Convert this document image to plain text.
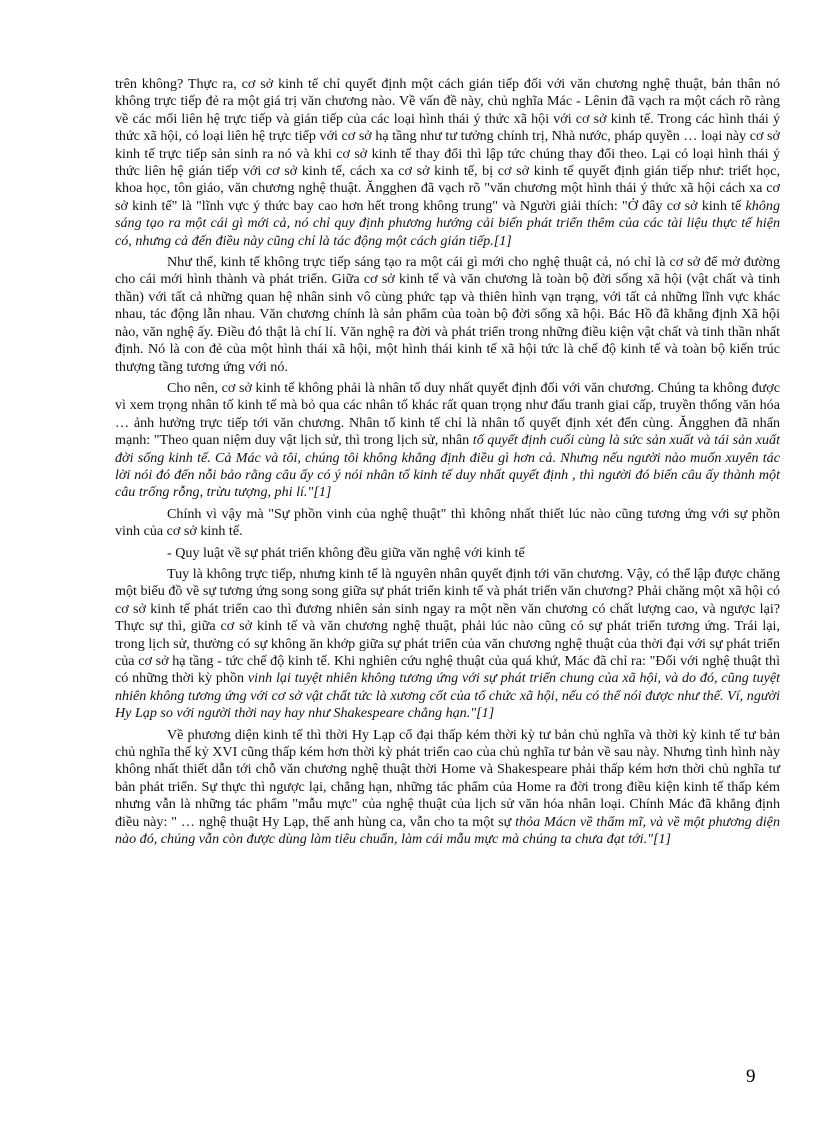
trên không? Thực ra, cơ sở kinh tế chỉ quyết định một cách gián tiếp đối với văn chương nghệ thuật, bản thân nó không trực tiếp đẻ ra một giá trị văn chương nào. Về vấn đề này, chủ nghĩa Mác - Lênin đã vạch ra một cách rõ ràng về các mối liên hệ trực tiếp và gián tiếp của các loại hình thái ý thức xã hội với cơ sở kinh tế. Trong các hình thái ý thức xã hội, có loại liên hệ trực tiếp với cơ sở hạ tầng như tư tưởng chính trị, Nhà nước, pháp quyền … loại này cơ sở kinh tế trực tiếp sản sinh ra nó và khi cơ sở kinh tế thay đổi thì lập tức chúng thay đổi theo. Lại có loại hình thái ý thức liên hệ gián tiếp với cơ sở kinh tế, cách xa cơ sở kinh tế, bị cơ sở kinh tế quyết định gián tiếp như: triết học, khoa học, tôn giáo, văn chương nghệ thuật. Ăngghen đã vạch rõ "văn chương một hình thái ý thức xã hội cách xa cơ sở kinh tế" là "lĩnh vực ý thức bay cao hơn hết trong không trung" và Người giải thích: "Ở đây cơ sở kinh tế không sáng tạo ra một cái gì mới cả, nó chỉ quy định phương hướng cải biến phát triển thêm của các tài liệu thực tế hiện có, nhưng cả đến điều này cũng chỉ là tác động một cách gián tiếp.[1]

Như thế, kinh tế không trực tiếp sáng tạo ra một cái gì mới cho nghệ thuật cả, nó chỉ là cơ sở để mở đường cho cái mới hình thành và phát triển. Giữa cơ sở kinh tế và văn chương là toàn bộ đời sống xã hội (vật chất và tinh thần) với tất cả những quan hệ nhân sinh vô cùng phức tạp và thiên hình vạn trạng, với tất cả những lĩnh vực khác nhau, tác động lẫn nhau. Văn chương chính là sản phẩm của toàn bộ đời sống xã hội. Bác Hồ đã khẳng định Xã hội nào, văn nghệ ấy. Điều đó thật là chí lí. Văn nghệ ra đời và phát triển trong những điều kiện vật chất và tinh thần nhất định. Nó là con đẻ của một hình thái xã hội, một hình thái kinh tế xã hội tức là chế độ kinh tế và toàn bộ kiến trúc thượng tầng tương ứng với nó.

Cho nên, cơ sở kinh tế không phải là nhân tố duy nhất quyết định đối với văn chương. Chúng ta không được vì xem trọng nhân tố kinh tế mà bỏ qua các nhân tố khác rất quan trọng như đấu tranh giai cấp, truyền thống văn hóa … ảnh hưởng trực tiếp tới văn chương. Nhân tố kinh tế chỉ là nhân tố quyết định xét đến cùng. Ăngghen đã nhấn mạnh: "Theo quan niệm duy vật lịch sử, thì trong lịch sử, nhân tố quyết định cuối cùng là sức sản xuất và tái sản xuất đời sống kinh tế. Cả Mác và tôi, chúng tôi không khẳng định điều gì hơn cả. Nhưng nếu người nào muốn xuyên tác lời nói đó đến nỗi bảo rằng câu ấy có ý nói nhân tố kinh tế duy nhất quyết định , thì người đó biến câu ấy thành một câu trống rỗng, trừu tượng, phi lí."[1]

Chính vì vậy mà "Sự phồn vinh của nghệ thuật" thì không nhất thiết lúc nào cũng tương ứng với sự phồn vinh của cơ sở kinh tế.

- Quy luật về sự phát triển không đều giữa văn nghệ với kinh tế

Tuy là không trực tiếp, nhưng kinh tế là nguyên nhân quyết định tới văn chương. Vậy, có thể lập được chăng một biểu đồ về sự tương ứng song song giữa sự phát triển kinh tế và phát triển văn chương? Phải chăng một xã hội có cơ sở kinh tế phát triển cao thì đương nhiên sản sinh ngay ra một nền văn chương có chất lượng cao, và ngược lại? Thực sự thì, giữa cơ sở kinh tế và văn chương nghệ thuật, phải lúc nào cũng có sự phát triển tương ứng. Trái lại, trong lịch sử, thường có sự không ăn khớp giữa sự phát triển của văn chương nghệ thuật của thời đại với sự phát triển của cơ sở hạ tầng - tức chế độ kinh tế. Khi nghiên cứu nghệ thuật của quá khứ, Mác đã chỉ ra: "Đối với nghệ thuật thì có những thời kỳ phồn vinh lại tuyệt nhiên không tương ứng với sự phát triển chung của xã hội, và do đó, cũng tuyệt nhiên không tương ứng với cơ sở vật chất tức là xương cốt của tổ chức xã hội, nếu có thể nói được như thế. Ví, người Hy Lạp so với người thời nay hay như Shakespeare chẳng hạn."[1]

Về phương diện kinh tế thì thời Hy Lạp cổ đại thấp kém thời kỳ tư bản chủ nghĩa và thời kỳ kinh tế tư bản chủ nghĩa thế kỷ XVI cũng thấp kém hơn thời kỳ phát triển cao của chủ nghĩa tư bản về sau này. Nhưng tình hình này không nhất thiết dẫn tới chỗ văn chương nghệ thuật thời Home và Shakespeare phải thấp kém hơn thời chủ nghĩa tư bản phát triển. Sự thực thì ngược lại, chẳng hạn, những tác phẩm của Home ra đời trong điều kiện kinh tế thấp kém nhưng vẫn là những tác phẩm "mẫu mực" của nghệ thuật của lịch sử văn hóa nhân loại. Chính Mác đã khẳng định điều này: " … nghệ thuật Hy Lạp, thể anh hùng ca, vẫn cho ta một sự thỏa Mácn về thẩm mĩ, và về một phương diện nào đó, chúng vẫn còn được dùng làm tiêu chuẩn, làm cái mẫu mực mà chúng ta chưa đạt tới."[1]

9
